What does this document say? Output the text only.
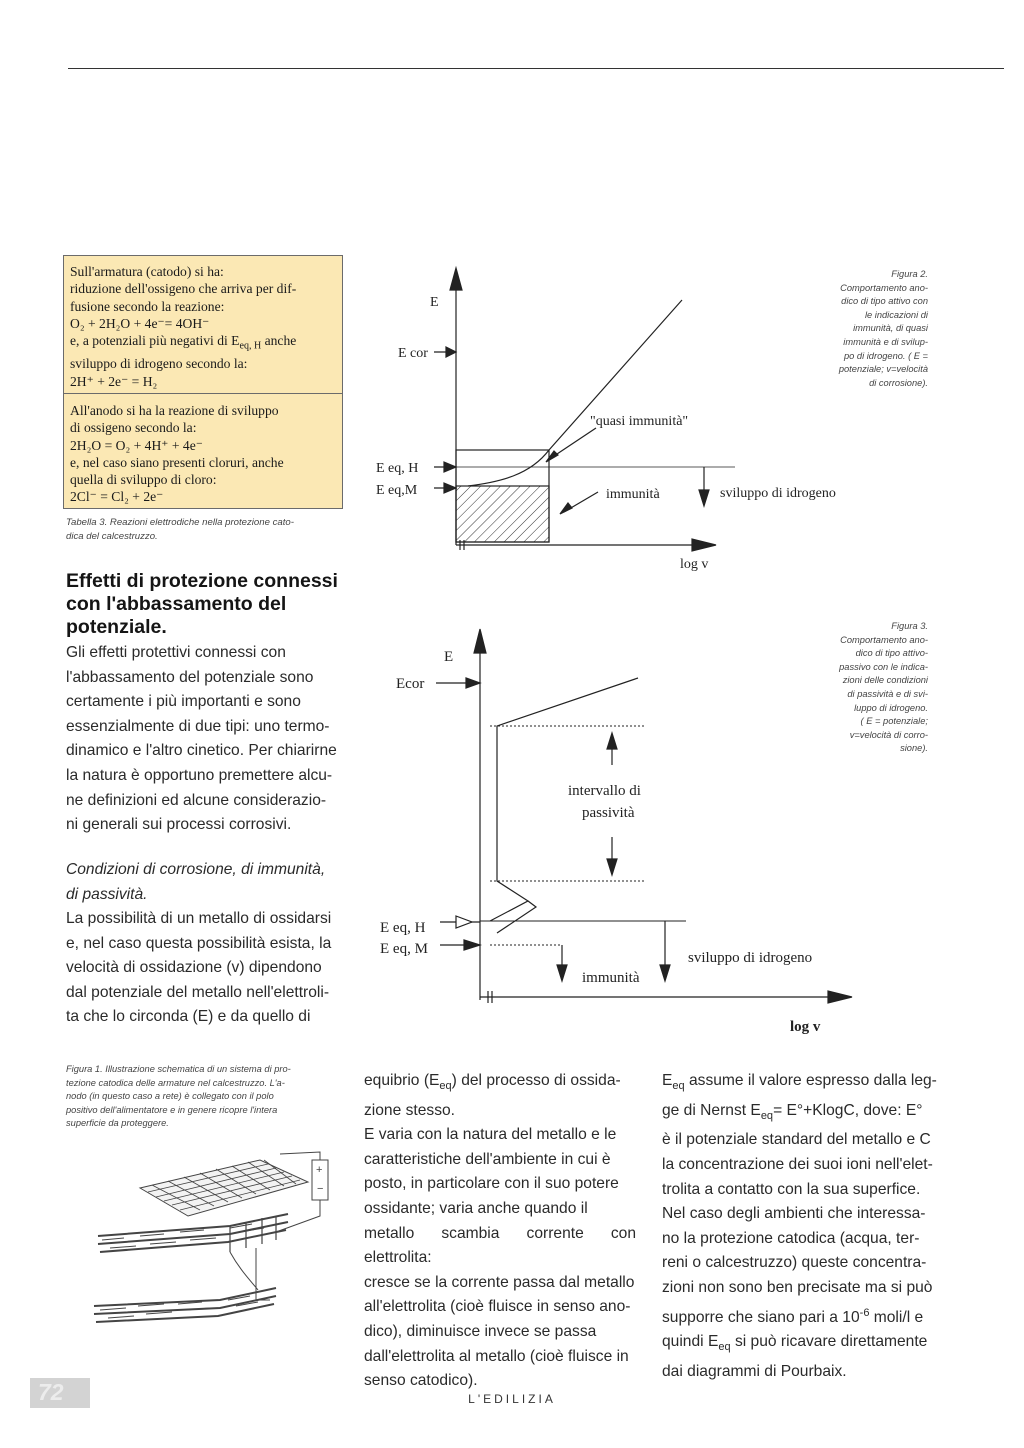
Sull'armatura (catodo) si ha:
riduzione dell'ossigeno che arriva per dif-
fusione secondo la reazione:
O₂ + 2H₂O + 4e⁻= 4OH⁻
e, a potenziali più negativi di $E_{eq, H}$ anche
sviluppo di idrogeno secondo la:
2H⁺ + 2e⁻ = H₂
All'anodo si ha la reazione di sviluppo
di ossigeno secondo la:
2H₂O = O₂ + 4H⁺ + 4e⁻
e, nel caso siano presenti cloruri, anche
quella di sviluppo di cloro:
2Cl⁻ = Cl₂ + 2e⁻
Tabella 3. Reazioni elettrodiche nella protezione cato-
dica del calcestruzzo.
Effetti di protezione connessi
con l'abbassamento del
potenziale.
Gli effetti protettivi connessi con
l'abbassamento del potenziale sono
certamente i più importanti e sono
essenzialmente di due tipi: uno termo-
dinamico e l'altro cinetico. Per chiarirne
la natura è opportuno premettere alcu-
ne definizioni ed alcune considerazio-
ni generali sui processi corrosivi.
Condizioni di corrosione, di immunità,
di passività.
La possibilità di un metallo di ossidarsi
e, nel caso questa possibilità esista, la
velocità di ossidazione (v) dipendono
dal potenziale del metallo nell'elettroli-
ta che lo circonda (E) e da quello di
Figura 1. Illustrazione schematica di un sistema di pro-
tezione catodica delle armature nel calcestruzzo. L'a-
nodo (in questo caso a rete) è collegato con il polo
positivo dell'alimentatore e in genere ricopre l'intera
superficie da proteggere.
+
−
E
E cor
E eq, H
E eq,M
"quasi immunità"
immunità	sviluppo di idrogeno
log v
Figura 2.
Comportamento ano-
dico di tipo attivo con
le indicazioni di
immunità, di quasi
immunità e di svilup-
po di idrogeno. ( E =
potenziale; v=velocità
di corrosione).
E
Ecor
E eq, H
E eq, M
intervallo di
passività
immunità
sviluppo di idrogeno
log v
Figura 3.
Comportamento ano-
dico di tipo attivo-
passivo con le indica-
zioni delle condizioni
di passività e di svi-
luppo di idrogeno.
( E = potenziale;
v=velocità di corro-
sione).
equibrio $(E_{eq})$ del processo di ossida-
zione stesso.
E varia con la natura del metallo e le
caratteristiche dell'ambiente in cui è
posto, in particolare con il suo potere
ossidante; varia anche quando il
metallo scambia corrente con elettrolita:
cresce se la corrente passa dal metallo
all'elettrolita (cioè fluisce in senso ano-
dico), diminuisce invece se passa
dall'elettrolita al metallo (cioè fluisce in
senso catodico).
$E_{eq}$ assume il valore espresso dalla leg-
ge di Nernst $E_{eq}= E^\circ+KlogC$, dove: E°
è il potenziale standard del metallo e C
la concentrazione dei suoi ioni nell'elet-
trolita a contatto con la sua superfice.
Nel caso degli ambienti che interessa-
no la protezione catodica (acqua, ter-
reni o calcestruzzo) queste concentra-
zioni non sono ben precisate ma si può
supporre che siano pari a $10^{-6}$ moli/l e
quindi $E_{eq}$ si può ricavare direttamente
dai diagrammi di Pourbaix.
72	L'EDILIZIA
